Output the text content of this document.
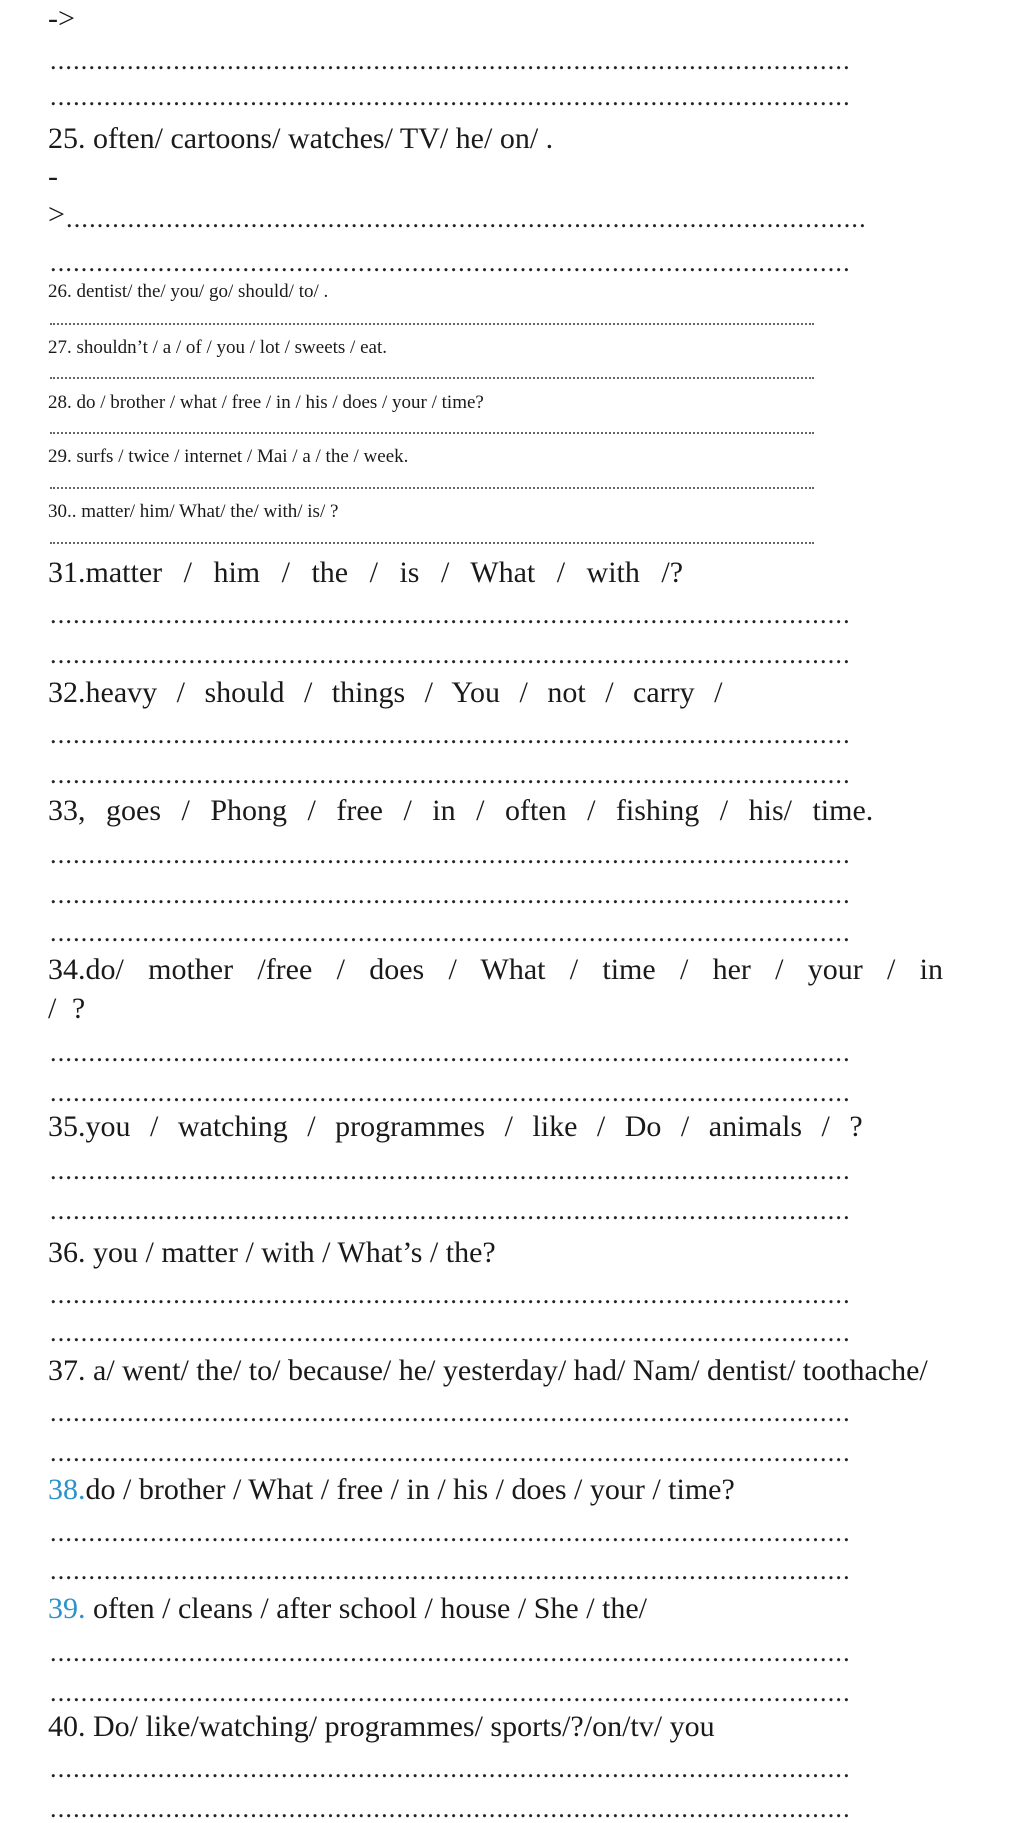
->
........................................................................................................
........................................................................................................
25. often/ cartoons/ watches/ TV/ he/ on/ .
-
> ........................................................................................................
........................................................................................................
26. dentist/ the/ you/ go/ should/ to/ .
27. shouldn’t / a / of / you / lot / sweets / eat.
28. do / brother / what / free / in / his / does / your / time?
29. surfs / twice / internet / Mai / a / the / week.
30.. matter/ him/ What/ the/ with/ is/ ?
31.matter / him / the / is / What / with /?
........................................................................................................
........................................................................................................
32.heavy / should / things / You / not / carry /
........................................................................................................
........................................................................................................
33, goes / Phong / free / in / often / fishing / his/ time.
........................................................................................................
........................................................................................................
........................................................................................................
34.do/ mother /free / does / What / time / her / your / in
/ ?
........................................................................................................
........................................................................................................
35.you / watching / programmes / like / Do / animals / ?
........................................................................................................
........................................................................................................
36. you / matter / with / What’s / the?
........................................................................................................
........................................................................................................
37. a/ went/ the/ to/ because/ he/ yesterday/ had/ Nam/ dentist/ toothache/
........................................................................................................
........................................................................................................
38.do / brother / What / free / in / his / does / your / time?
........................................................................................................
........................................................................................................
39. often / cleans / after school / house / She / the/
........................................................................................................
........................................................................................................
40. Do/ like/watching/ programmes/ sports/?/on/tv/ you
........................................................................................................
........................................................................................................
